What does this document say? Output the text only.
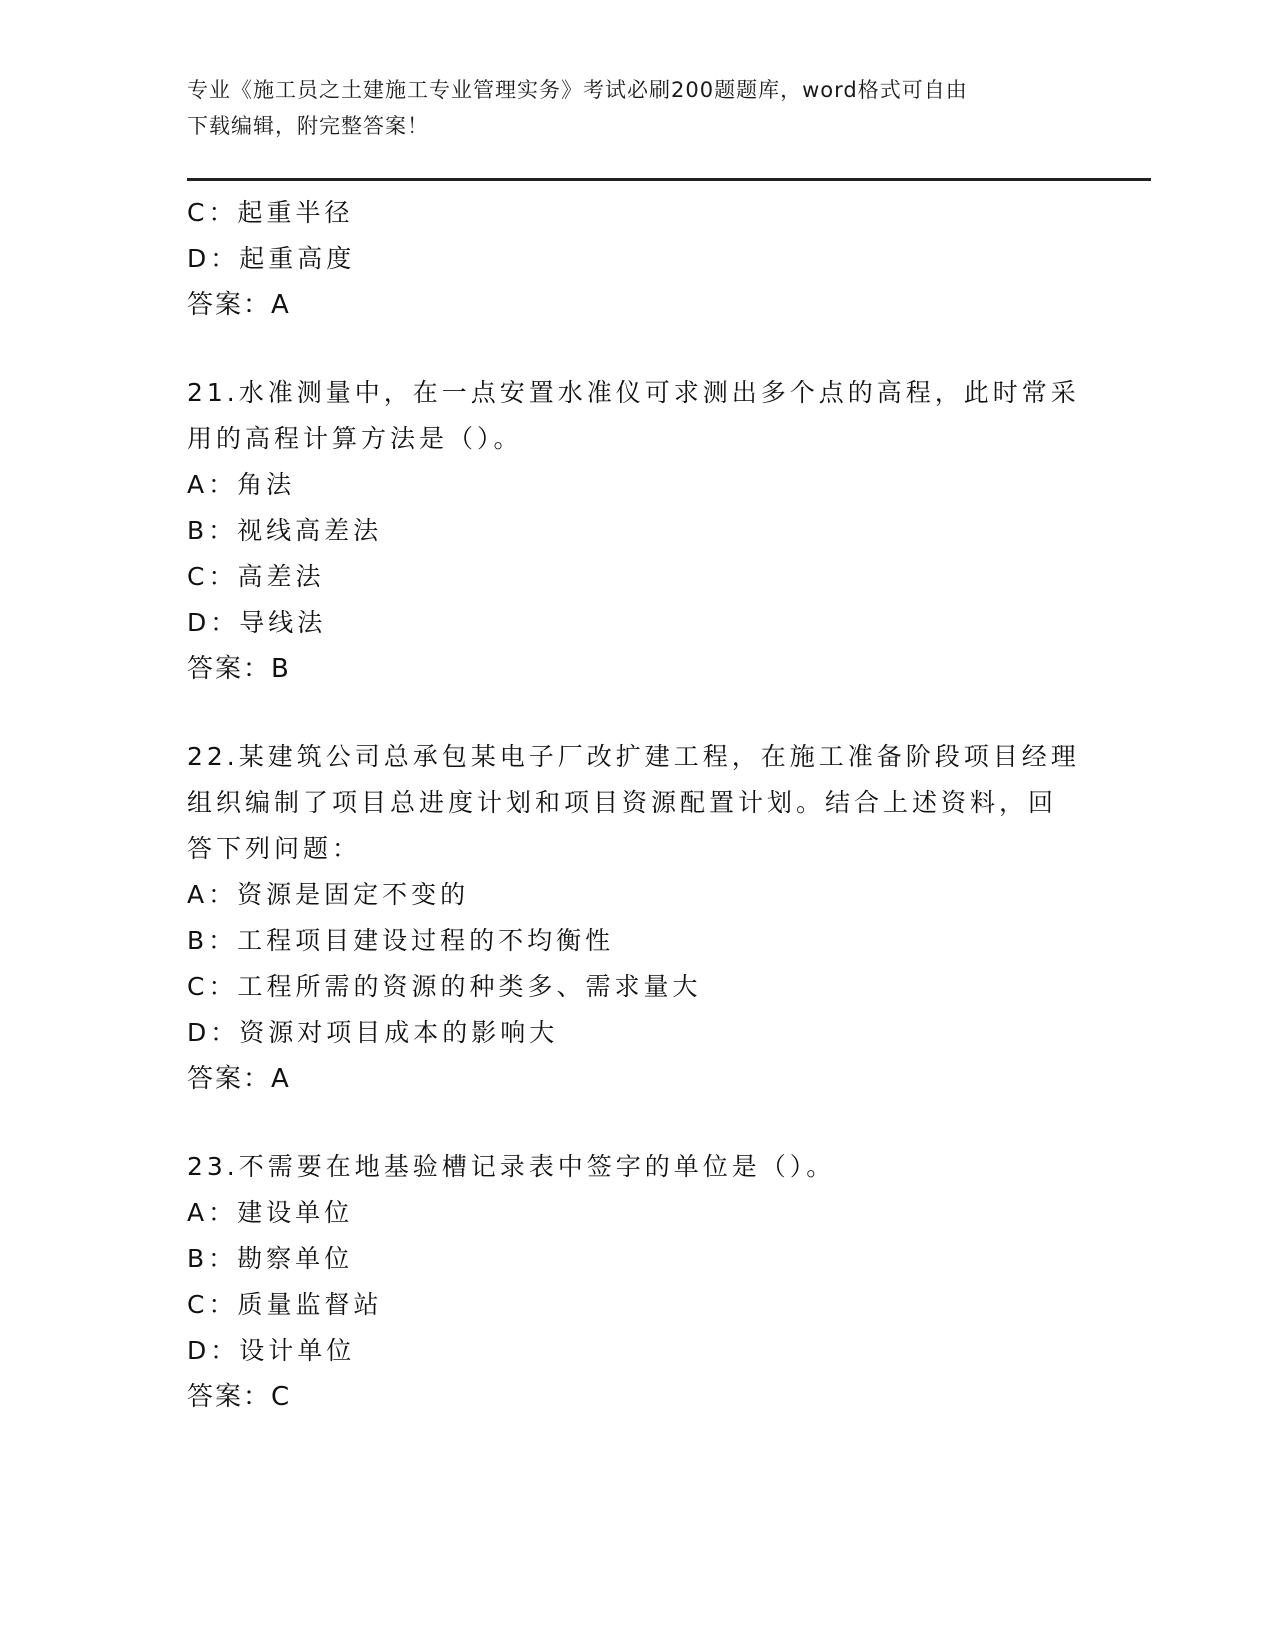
专业《施工员之土建施工专业管理实务》考试必刷200题题库，word格式可自由
下载编辑，附完整答案！
C：起重半径
D：起重高度
答案：A
21.水准测量中，在一点安置水准仪可求测出多个点的高程，此时常采
用的高程计算方法是（）。
A：角法
B：视线高差法
C：高差法
D：导线法
答案：B
22.某建筑公司总承包某电子厂改扩建工程，在施工准备阶段项目经理
组织编制了项目总进度计划和项目资源配置计划。结合上述资料，回
答下列问题：
A：资源是固定不变的
B：工程项目建设过程的不均衡性
C：工程所需的资源的种类多、需求量大
D：资源对项目成本的影响大
答案：A
23.不需要在地基验槽记录表中签字的单位是（）。
A：建设单位
B：勘察单位
C：质量监督站
D：设计单位
答案：C
